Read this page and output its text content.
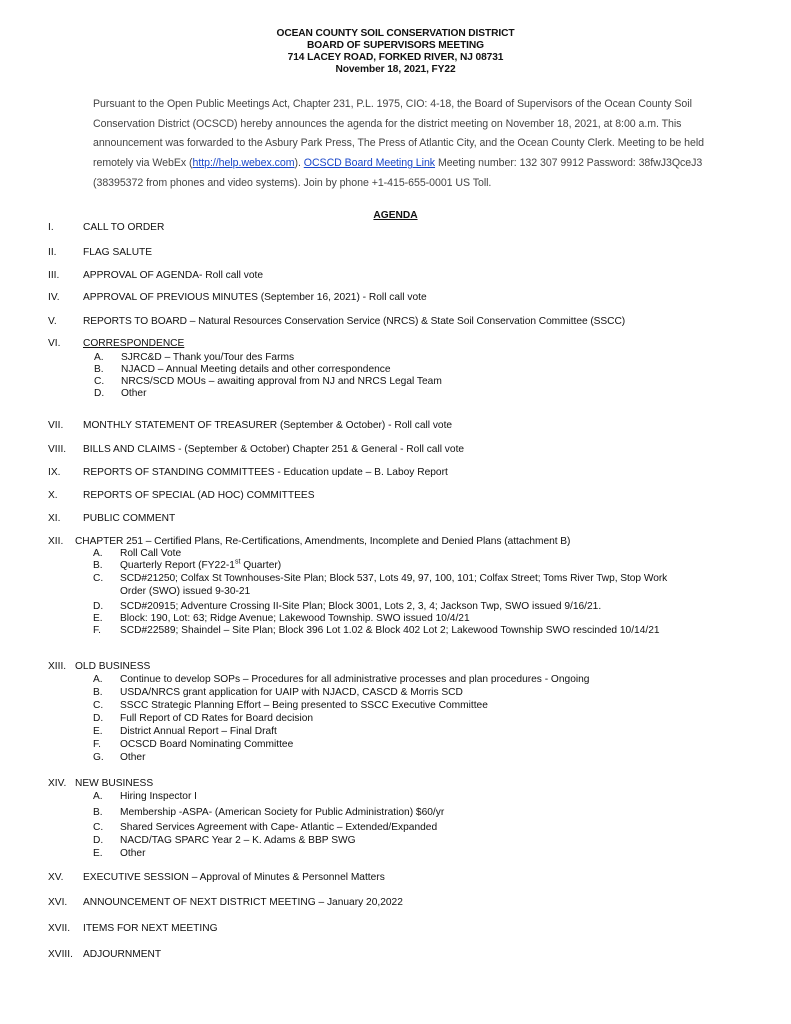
OCEAN COUNTY SOIL CONSERVATION DISTRICT
BOARD OF SUPERVISORS MEETING
714 LACEY ROAD, FORKED RIVER, NJ 08731
November 18, 2021, FY22
Pursuant to the Open Public Meetings Act, Chapter 231, P.L. 1975, CIO: 4-18, the Board of Supervisors of the Ocean County Soil Conservation District (OCSCD) hereby announces the agenda for the district meeting on November 18, 2021, at 8:00 a.m. This announcement was forwarded to the Asbury Park Press, The Press of Atlantic City, and the Ocean County Clerk. Meeting to be held remotely via WebEx (http://help.webex.com). OCSCD Board Meeting Link Meeting number: 132 307 9912 Password: 38fwJ3QceJ3 (38395372 from phones and video systems). Join by phone +1-415-655-0001 US Toll.
AGENDA
I.	CALL TO ORDER
II.	FLAG SALUTE
III.	APPROVAL OF AGENDA- Roll call vote
IV.	APPROVAL OF PREVIOUS MINUTES (September 16, 2021) - Roll call vote
V.	REPORTS TO BOARD – Natural Resources Conservation Service (NRCS) & State Soil Conservation Committee (SSCC)
VI.	CORRESPONDENCE
A. SJRC&D – Thank you/Tour des Farms
B. NJACD – Annual Meeting details and other correspondence
C. NRCS/SCD MOUs – awaiting approval from NJ and NRCS Legal Team
D. Other
VII.	MONTHLY STATEMENT OF TREASURER (September & October) - Roll call vote
VIII.	BILLS AND CLAIMS - (September & October) Chapter 251 & General - Roll call vote
IX.	REPORTS OF STANDING COMMITTEES - Education update – B. Laboy Report
X.	REPORTS OF SPECIAL (AD HOC) COMMITTEES
XI.	PUBLIC COMMENT
XII.	CHAPTER 251 – Certified Plans, Re-Certifications, Amendments, Incomplete and Denied Plans (attachment B)
A. Roll Call Vote
B. Quarterly Report (FY22-1st Quarter)
C. SCD#21250; Colfax St Townhouses-Site Plan; Block 537, Lots 49, 97, 100, 101; Colfax Street; Toms River Twp, Stop Work
Order (SWO) issued 9-30-21
D. SCD#20915; Adventure Crossing II-Site Plan; Block 3001, Lots 2, 3, 4; Jackson Twp, SWO issued 9/16/21.
E. Block: 190, Lot: 63; Ridge Avenue; Lakewood Township. SWO issued 10/4/21
F. SCD#22589; Shaindel – Site Plan; Block 396 Lot 1.02 & Block 402 Lot 2; Lakewood Township SWO rescinded 10/14/21
XIII. OLD BUSINESS
A. Continue to develop SOPs – Procedures for all administrative processes and plan procedures - Ongoing
B. USDA/NRCS grant application for UAIP with NJACD, CASCD & Morris SCD
C. SSCC Strategic Planning Effort – Being presented to SSCC Executive Committee
D. Full Report of CD Rates for Board decision
E. District Annual Report – Final Draft
F. OCSCD Board Nominating Committee
G. Other
XIV. NEW BUSINESS
A. Hiring Inspector I
B. Membership -ASPA- (American Society for Public Administration) $60/yr
C. Shared Services Agreement with Cape- Atlantic – Extended/Expanded
D. NACD/TAG SPARC Year 2 – K. Adams & BBP SWG
E. Other
XV.	EXECUTIVE SESSION – Approval of Minutes & Personnel Matters
XVI.	ANNOUNCEMENT OF NEXT DISTRICT MEETING – January 20,2022
XVII.	ITEMS FOR NEXT MEETING
XVIII. ADJOURNMENT
